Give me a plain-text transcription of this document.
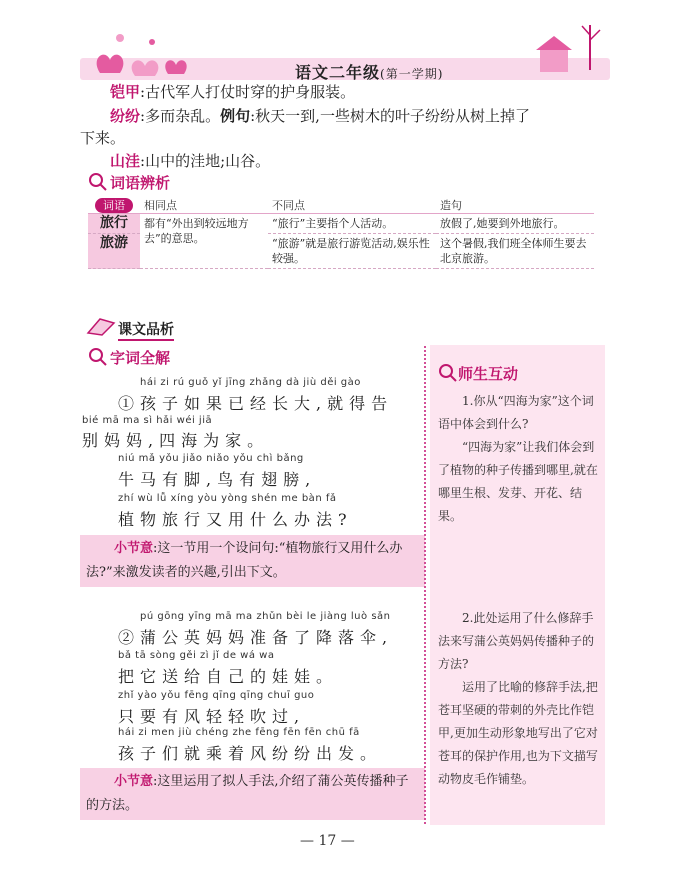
语文二年级(第一学期)
铠甲:古代军人打仗时穿的护身服装。
纷纷:多而杂乱。例句:秋天一到,一些树木的叶子纷纷从树上掉了
下来。
山洼:山中的洼地;山谷。
词语辨析
词语	相同点	不同点	造句
旅行	都有“外出到较远地方去”的意思。	“旅行”主要指个人活动。	放假了,她要到外地旅行。
旅游		“旅游”就是旅行游览活动,娱乐性较强。	这个暑假,我们班全体师生要去北京旅游。
课文品析
字词全解
hái zi rú guǒ yǐ jīng zhǎng dà jiù děi gào
①孩子如果已经长大,就得告
bié mā ma sì hǎi wéi jiā
别妈妈,四海为家。
niú mǎ yǒu jiǎo niǎo yǒu chì bǎng
牛马有脚,鸟有翅膀,
zhí wù lǚ xíng yòu yòng shén me bàn fǎ
植物旅行又用什么办法?
小节意:这一节用一个设问句:“植物旅行又用什么办法?”来激发读者的兴趣,引出下文。
pú gōng yīng mā ma zhǔn bèi le jiàng luò sǎn
②蒲公英妈妈准备了降落伞,
bǎ tā sòng gěi zì jǐ de wá wa
把它送给自己的娃娃。
zhǐ yào yǒu fēng qīng qīng chuī guo
只要有风轻轻吹过,
hái zi men jiù chéng zhe fēng fēn fēn chū fā
孩子们就乘着风纷纷出发。
小节意:这里运用了拟人手法,介绍了蒲公英传播种子的方法。
师生互动
1.你从“四海为家”这个词语中体会到什么?
“四海为家”让我们体会到了植物的种子传播到哪里,就在哪里生根、发芽、开花、结果。
2.此处运用了什么修辞手法来写蒲公英妈妈传播种子的方法?
运用了比喻的修辞手法,把苍耳坚硬的带刺的外壳比作铠甲,更加生动形象地写出了它对苍耳的保护作用,也为下文描写动物皮毛作铺垫。
— 17 —
